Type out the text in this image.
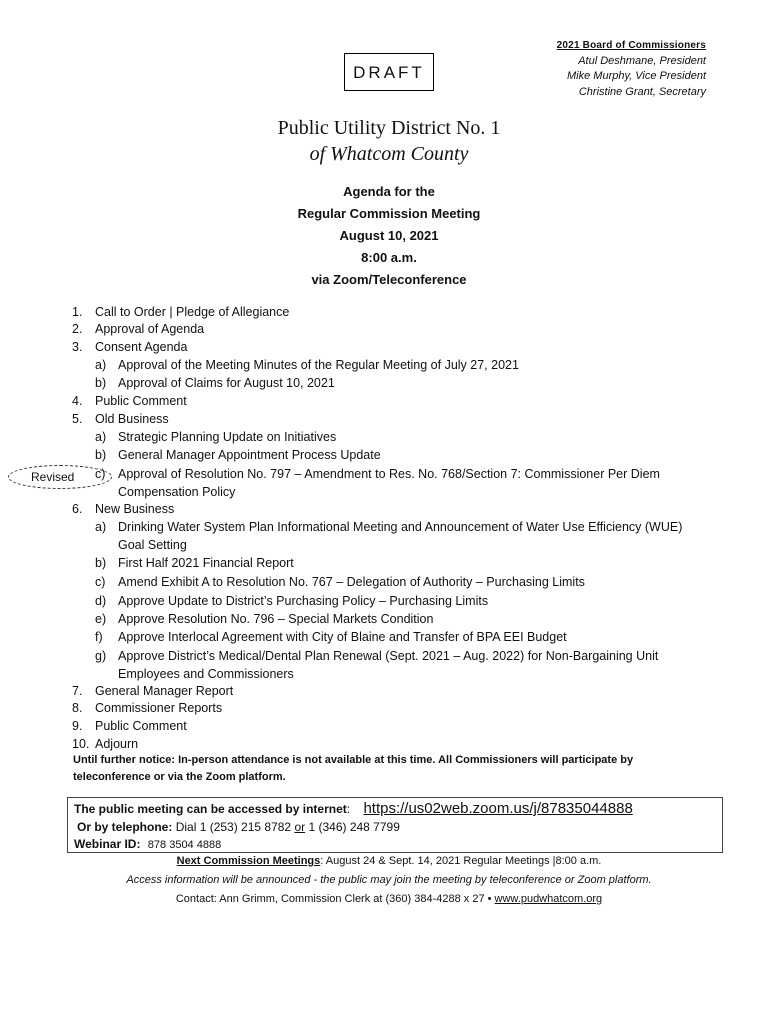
DRAFT
2021 Board of Commissioners
Atul Deshmane, President
Mike Murphy, Vice President
Christine Grant, Secretary
Public Utility District No. 1
of Whatcom County
Agenda for the
Regular Commission Meeting
August 10, 2021
8:00 a.m.
via Zoom/Teleconference
1. Call to Order | Pledge of Allegiance
2. Approval of Agenda
3. Consent Agenda
a) Approval of the Meeting Minutes of the Regular Meeting of July 27, 2021
b) Approval of Claims for August 10, 2021
4. Public Comment
5. Old Business
a) Strategic Planning Update on Initiatives
b) General Manager Appointment Process Update
c) Approval of Resolution No. 797 – Amendment to Res. No. 768/Section 7: Commissioner Per Diem
Compensation Policy
6. New Business
a) Drinking Water System Plan Informational Meeting and Announcement of Water Use Efficiency (WUE)
Goal Setting
b) First Half 2021 Financial Report
c) Amend Exhibit A to Resolution No. 767 – Delegation of Authority – Purchasing Limits
d) Approve Update to District’s Purchasing Policy – Purchasing Limits
e) Approve Resolution No. 796 – Special Markets Condition
f) Approve Interlocal Agreement with City of Blaine and Transfer of BPA EEI Budget
g) Approve District’s Medical/Dental Plan Renewal (Sept. 2021 – Aug. 2022) for Non-Bargaining Unit
Employees and Commissioners
7. General Manager Report
8. Commissioner Reports
9. Public Comment
10. Adjourn
Revised
Until further notice: In-person attendance is not available at this time. All Commissioners will participate by teleconference or via the Zoom platform.
The public meeting can be accessed by internet: https://us02web.zoom.us/j/87835044888
Or by telephone: Dial 1 (253) 215 8782 or 1 (346) 248 7799
Webinar ID: 878 3504 4888
Next Commission Meetings: August 24 & Sept. 14, 2021 Regular Meetings |8:00 a.m.
Access information will be announced - the public may join the meeting by teleconference or Zoom platform.
Contact: Ann Grimm, Commission Clerk at (360) 384-4288 x 27 • www.pudwhatcom.org
